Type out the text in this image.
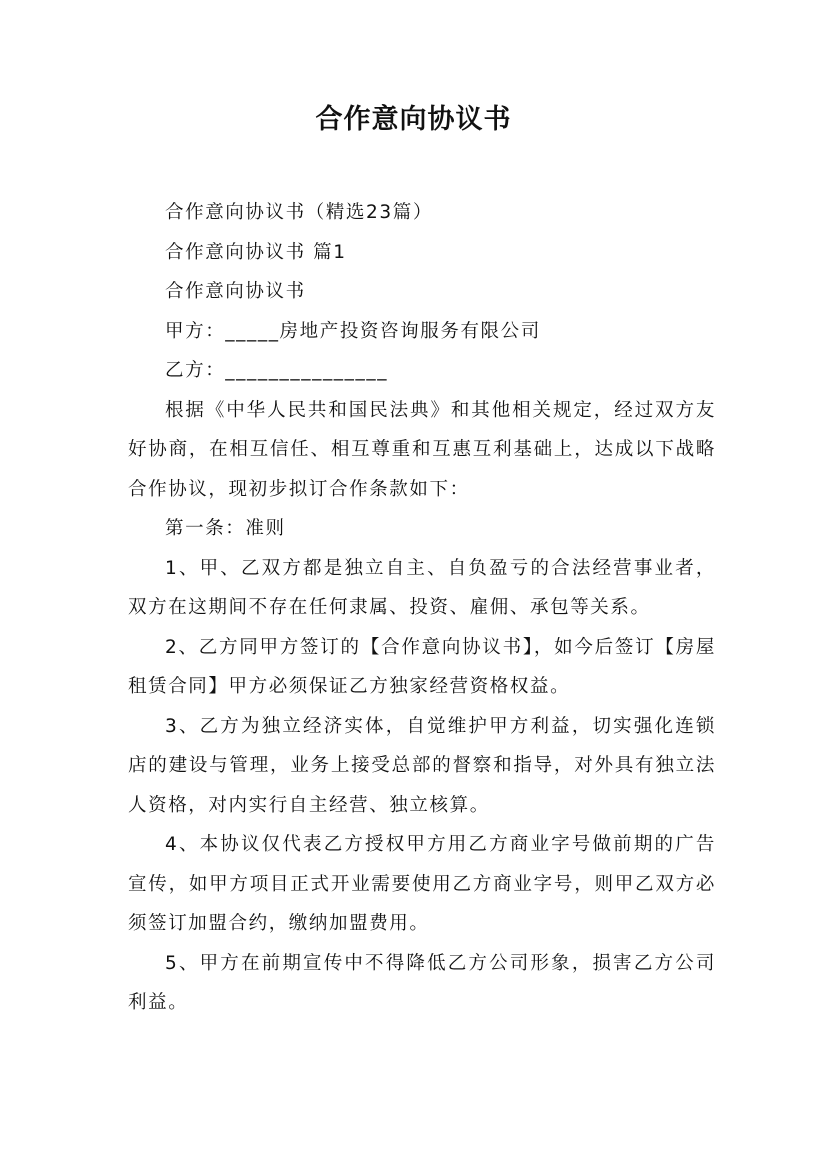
合作意向协议书

合作意向协议书（精选23篇）

合作意向协议书 篇1

合作意向协议书

甲方：_____房地产投资咨询服务有限公司

乙方：_______________

根据《中华人民共和国民法典》和其他相关规定，经过双方友好协商，在相互信任、相互尊重和互惠互利基础上，达成以下战略合作协议，现初步拟订合作条款如下：

第一条：准则

1、甲、乙双方都是独立自主、自负盈亏的合法经营事业者，双方在这期间不存在任何隶属、投资、雇佣、承包等关系。

2、乙方同甲方签订的【合作意向协议书】，如今后签订【房屋租赁合同】甲方必须保证乙方独家经营资格权益。

3、乙方为独立经济实体，自觉维护甲方利益，切实强化连锁店的建设与管理，业务上接受总部的督察和指导，对外具有独立法人资格，对内实行自主经营、独立核算。

4、本协议仅代表乙方授权甲方用乙方商业字号做前期的广告宣传，如甲方项目正式开业需要使用乙方商业字号，则甲乙双方必须签订加盟合约，缴纳加盟费用。

5、甲方在前期宣传中不得降低乙方公司形象，损害乙方公司利益。
